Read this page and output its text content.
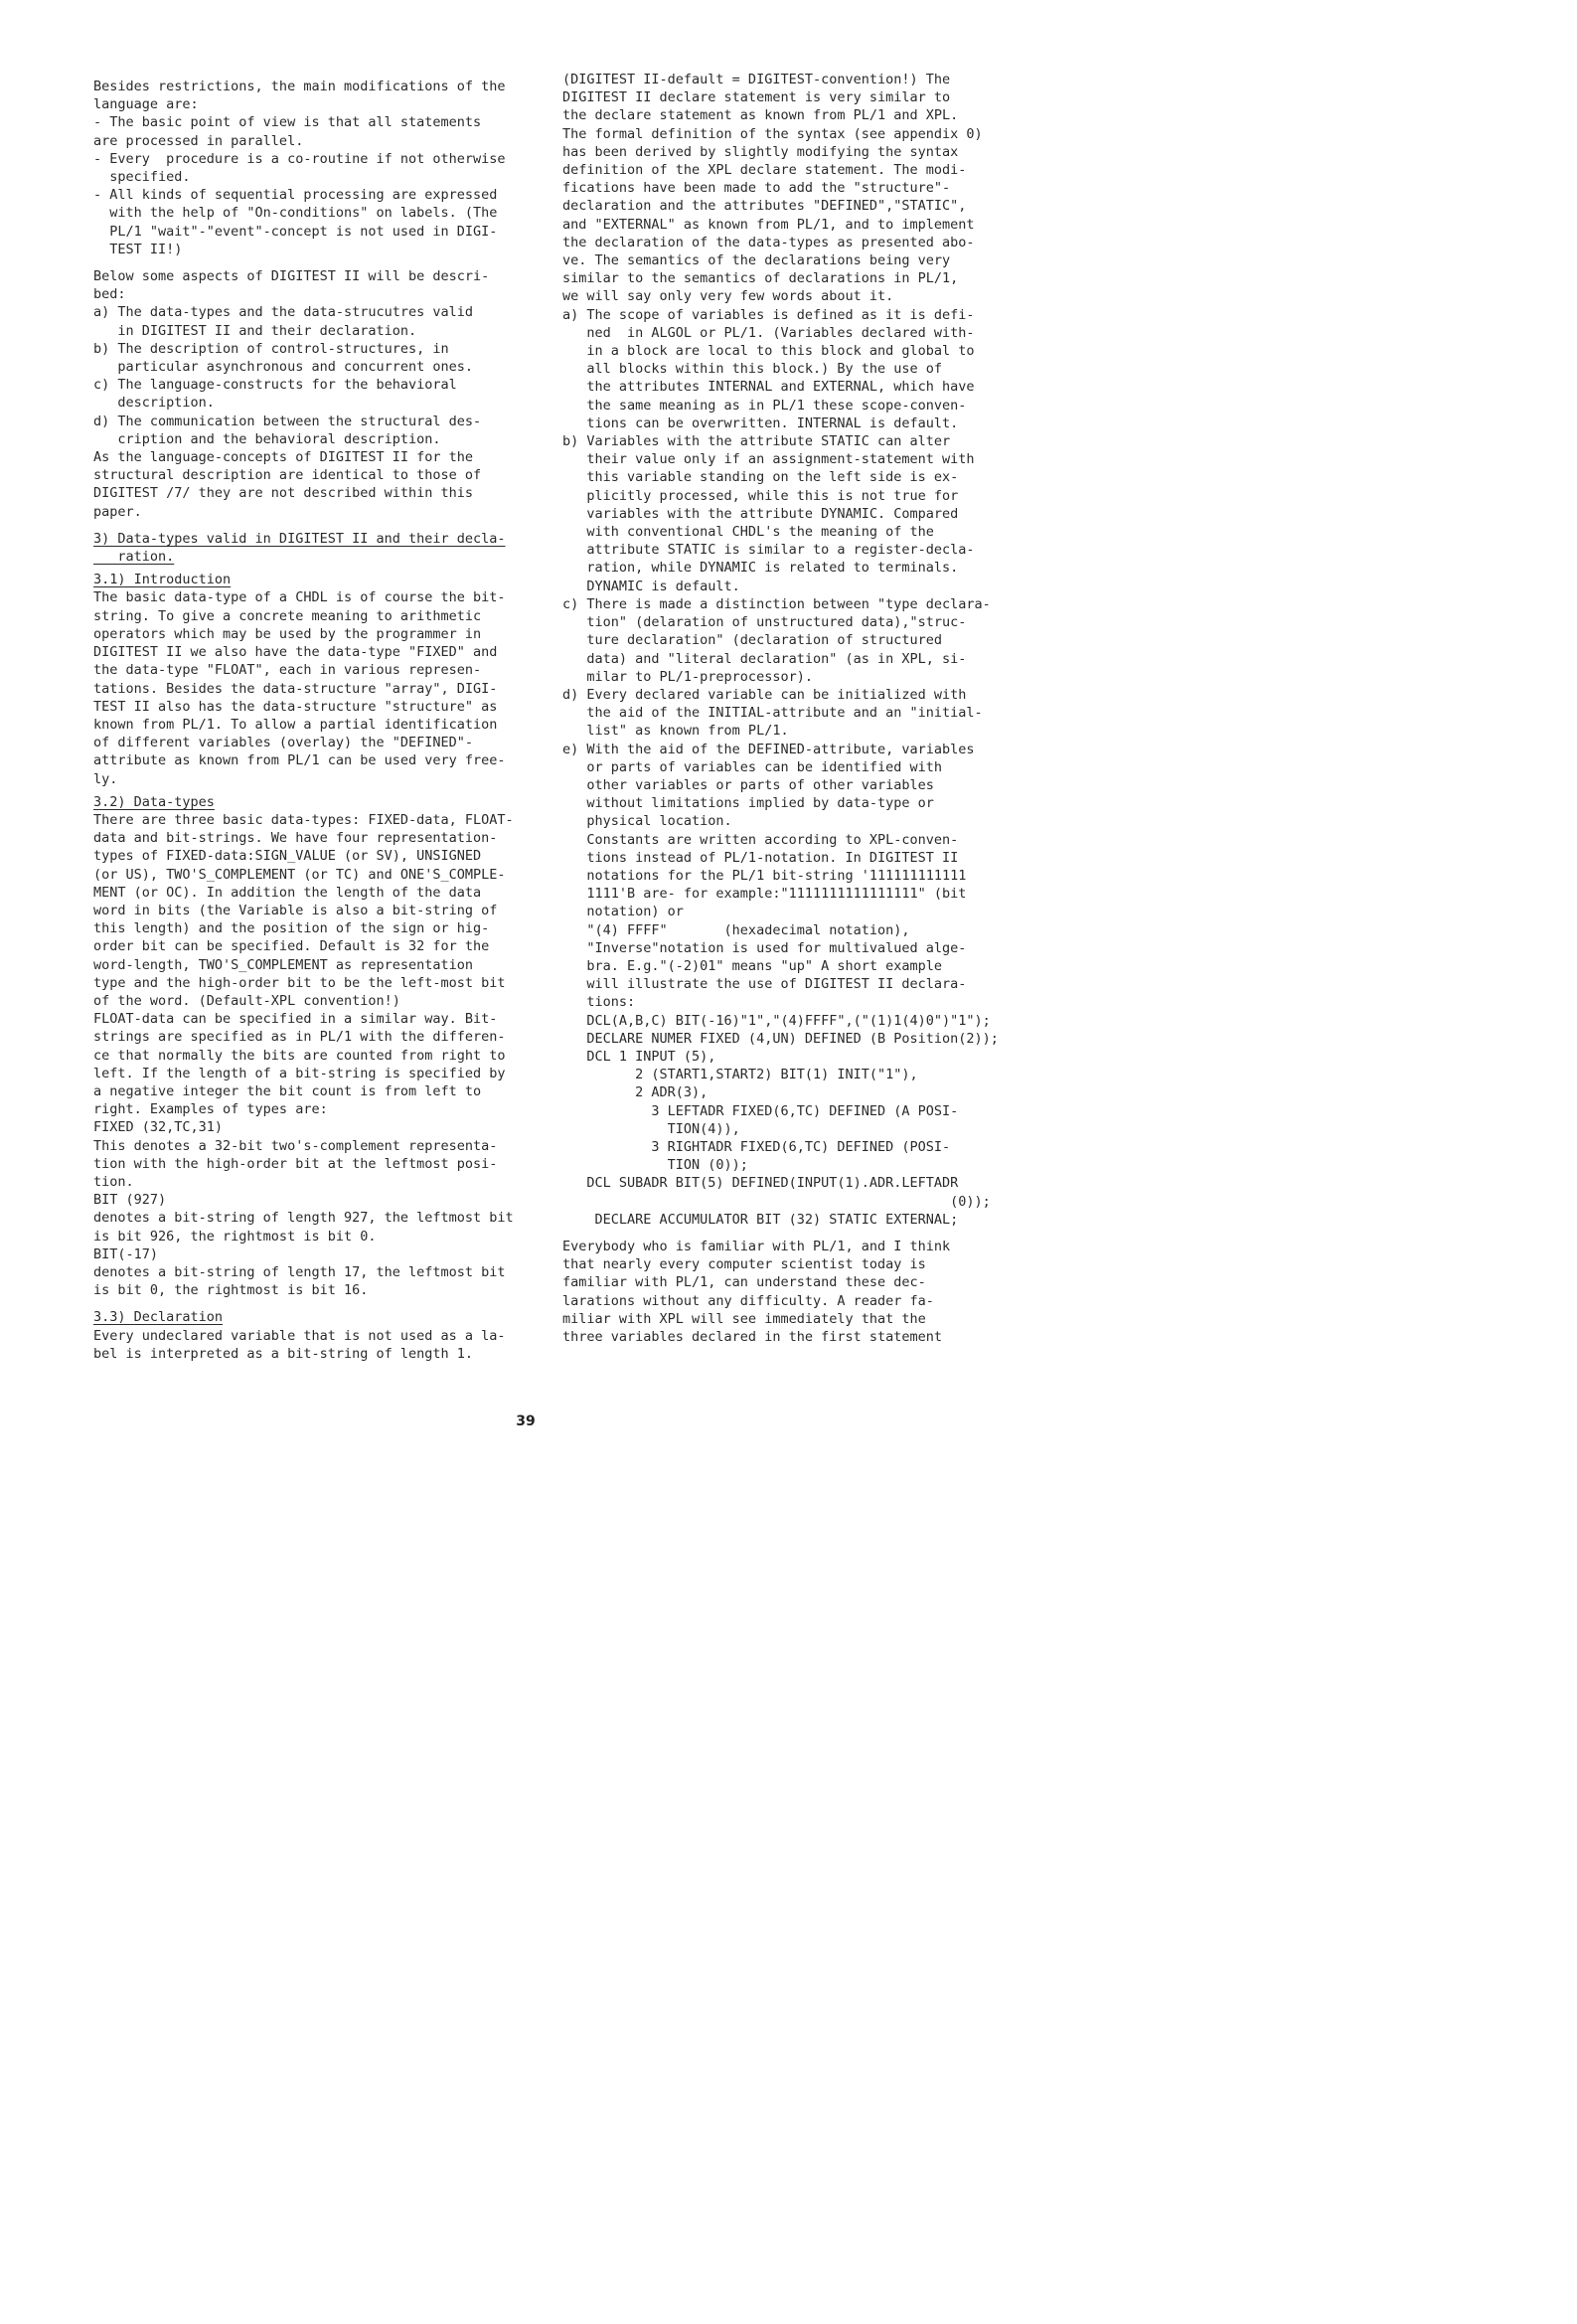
Besides restrictions, the main modifications of the
language are:
- The basic point of view is that all statements
are processed in parallel.
- Every  procedure is a co-routine if not otherwise
specified.
- All kinds of sequential processing are expressed
with the help of "On-conditions" on labels. (The
PL/1 "wait"-"event"-concept is not used in DIGI-
TEST II!)
Below some aspects of DIGITEST II will be descri-
bed:
a) The data-types and the data-strucutres valid
in DIGITEST II and their declaration.
b) The description of control-structures, in
particular asynchronous and concurrent ones.
c) The language-constructs for the behavioral
description.
d) The communication between the structural des-
cription and the behavioral description.
As the language-concepts of DIGITEST II for the
structural description are identical to those of
DIGITEST /7/ they are not described within this
paper.
3) Data-types valid in DIGITEST II and their decla-
ration.
3.1) Introduction
The basic data-type of a CHDL is of course the bit-
string. To give a concrete meaning to arithmetic
operators which may be used by the programmer in
DIGITEST II we also have the data-type "FIXED" and
the data-type "FLOAT", each in various represen-
tations. Besides the data-structure "array", DIGI-
TEST II also has the data-structure "structure" as
known from PL/1. To allow a partial identification
of different variables (overlay) the "DEFINED"-
attribute as known from PL/1 can be used very free-
ly.
3.2) Data-types
There are three basic data-types: FIXED-data, FLOAT-
data and bit-strings. We have four representation-
types of FIXED-data:SIGN_VALUE (or SV), UNSIGNED
(or US), TWO'S_COMPLEMENT (or TC) and ONE'S_COMPLE-
MENT (or OC). In addition the length of the data
word in bits (the Variable is also a bit-string of
this length) and the position of the sign or hig-
order bit can be specified. Default is 32 for the
word-length, TWO'S_COMPLEMENT as representation
type and the high-order bit to be the left-most bit
of the word. (Default-XPL convention!)
FLOAT-data can be specified in a similar way. Bit-
strings are specified as in PL/1 with the differen-
ce that normally the bits are counted from right to
left. If the length of a bit-string is specified by
a negative integer the bit count is from left to
right. Examples of types are:
FIXED (32,TC,31)
This denotes a 32-bit two's-complement representa-
tion with the high-order bit at the leftmost posi-
tion.
BIT (927)
denotes a bit-string of length 927, the leftmost bit
is bit 926, the rightmost is bit 0.
BIT(-17)
denotes a bit-string of length 17, the leftmost bit
is bit 0, the rightmost is bit 16.
3.3) Declaration
Every undeclared variable that is not used as a la-
bel is interpreted as a bit-string of length 1.
(DIGITEST II-default = DIGITEST-convention!) The
DIGITEST II declare statement is very similar to
the declare statement as known from PL/1 and XPL.
The formal definition of the syntax (see appendix 0)
has been derived by slightly modifying the syntax
definition of the XPL declare statement. The modi-
fications have been made to add the "structure"-
declaration and the attributes "DEFINED","STATIC",
and "EXTERNAL" as known from PL/1, and to implement
the declaration of the data-types as presented abo-
ve. The semantics of the declarations being very
similar to the semantics of declarations in PL/1,
we will say only very few words about it.
a) The scope of variables is defined as it is defi-
ned  in ALGOL or PL/1. (Variables declared with-
in a block are local to this block and global to
all blocks within this block.) By the use of
the attributes INTERNAL and EXTERNAL, which have
the same meaning as in PL/1 these scope-conven-
tions can be overwritten. INTERNAL is default.
b) Variables with the attribute STATIC can alter
their value only if an assignment-statement with
this variable standing on the left side is ex-
plicitly processed, while this is not true for
variables with the attribute DYNAMIC. Compared
with conventional CHDL's the meaning of the
attribute STATIC is similar to a register-decla-
ration, while DYNAMIC is related to terminals.
DYNAMIC is default.
c) There is made a distinction between "type declara-
tion" (delaration of unstructured data),"struc-
ture declaration" (declaration of structured
data) and "literal declaration" (as in XPL, si-
milar to PL/1-preprocessor).
d) Every declared variable can be initialized with
the aid of the INITIAL-attribute and an "initial-
list" as known from PL/1.
e) With the aid of the DEFINED-attribute, variables
or parts of variables can be identified with
other variables or parts of other variables
without limitations implied by data-type or
physical location.
Constants are written according to XPL-conven-
tions instead of PL/1-notation. In DIGITEST II
notations for the PL/1 bit-string '111111111111
1111'B are- for example:"1111111111111111" (bit
notation) or
"(4) FFFF"       (hexadecimal notation),
"Inverse"notation is used for multivalued alge-
bra. E.g."(-2)01" means "up" A short example
will illustrate the use of DIGITEST II declara-
tions:
DCL(A,B,C) BIT(-16)"1","(4)FFFF",("(1)1(4)0")"1");
DECLARE NUMER FIXED (4,UN) DEFINED (B Position(2));
DCL 1 INPUT (5),
2 (START1,START2) BIT(1) INIT("1"),
2 ADR(3),
3 LEFTADR FIXED(6,TC) DEFINED (A POSI-
TION(4)),
3 RIGHTADR FIXED(6,TC) DEFINED (POSI-
TION (0));
DCL SUBADR BIT(5) DEFINED(INPUT(1).ADR.LEFTADR
(0));
DECLARE ACCUMULATOR BIT (32) STATIC EXTERNAL;
Everybody who is familiar with PL/1, and I think
that nearly every computer scientist today is
familiar with PL/1, can understand these dec-
larations without any difficulty. A reader fa-
miliar with XPL will see immediately that the
three variables declared in the first statement
39
